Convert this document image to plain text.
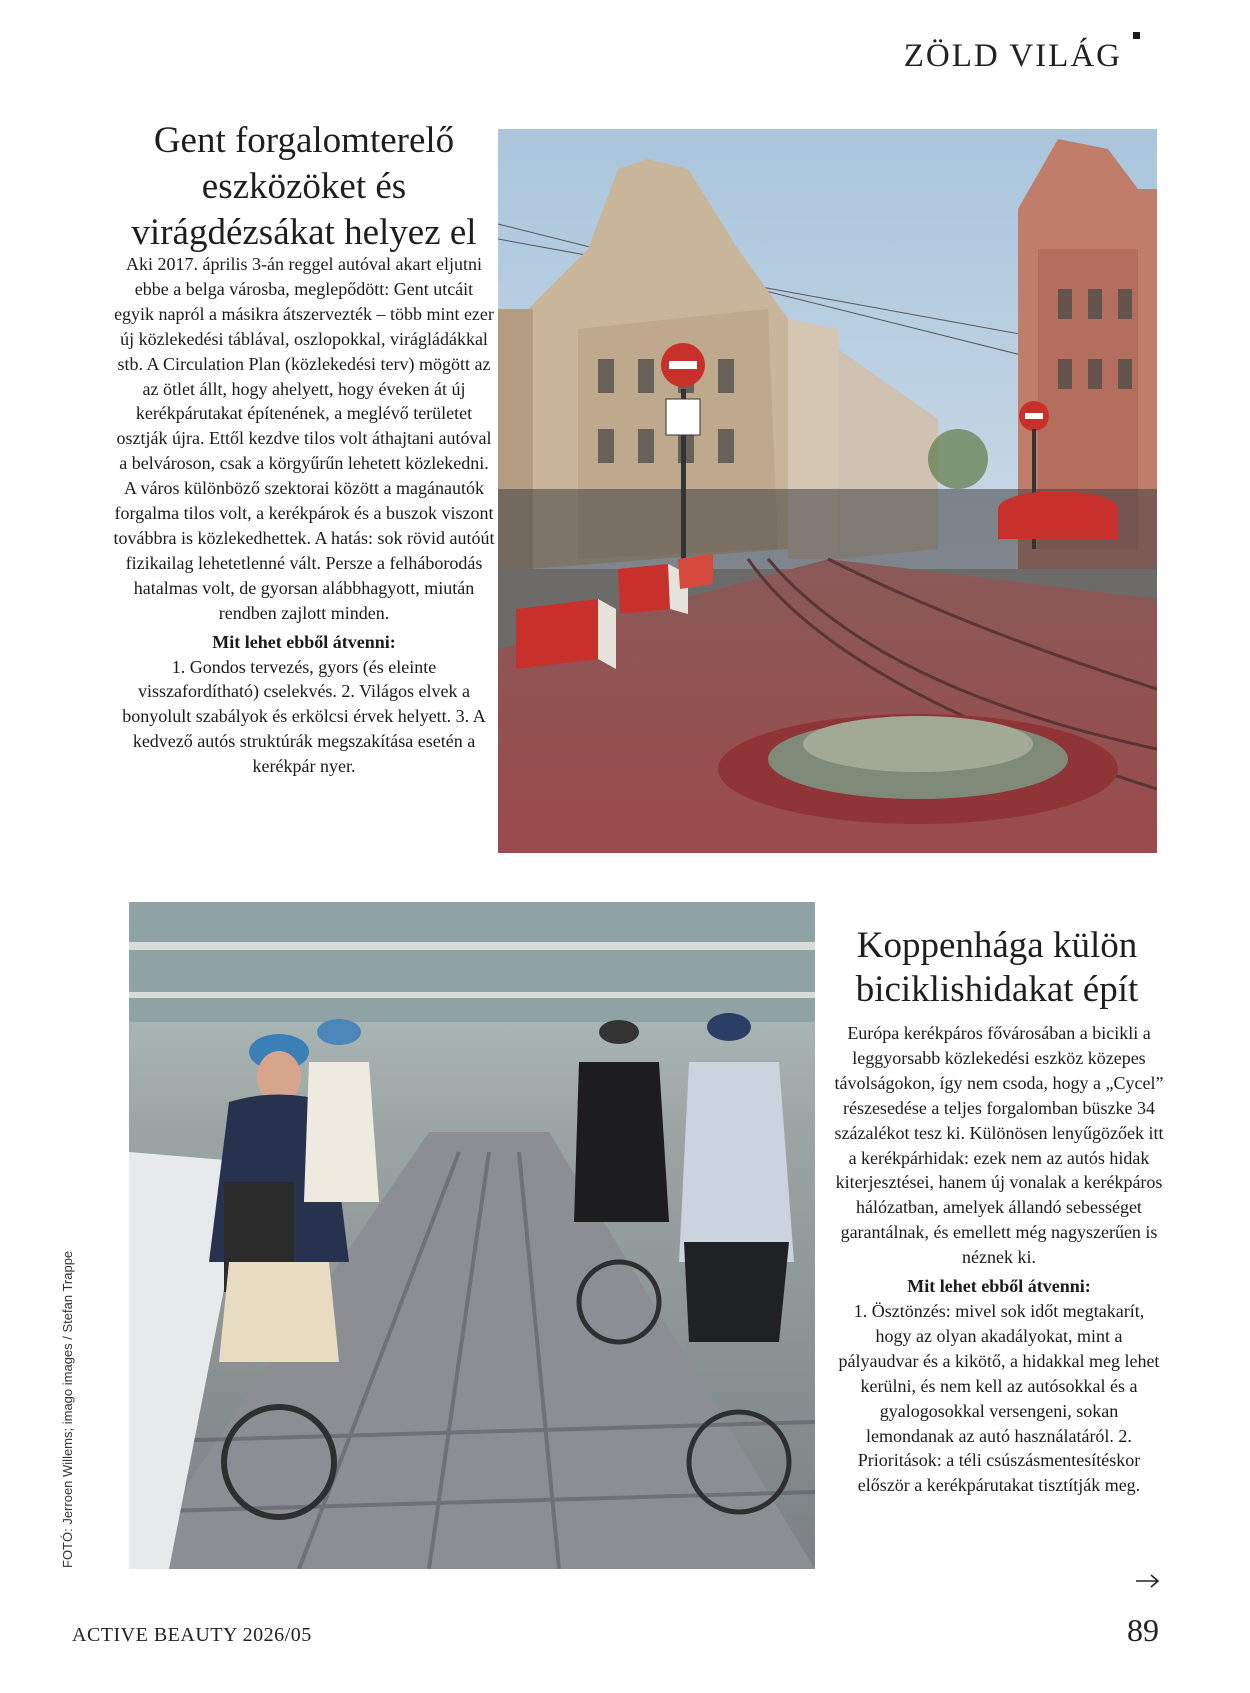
ZÖLD VILÁG
Gent forgalomterelő eszközöket és virágdézsákat helyez el

Aki 2017. április 3-án reggel autóval akart eljutni ebbe a belga városba, meglepődött: Gent utcáit egyik napról a másikra átszervezték – több mint ezer új közlekedési táblával, oszlopokkal, virágládákkal stb. A Circulation Plan (közlekedési terv) mögött az az ötlet állt, hogy ahelyett, hogy éveken át új kerékpárutakat építenének, a meglévő területet osztják újra. Ettől kezdve tilos volt áthajtani autóval a belvároson, csak a körgyűrűn lehetett közlekedni. A város különböző szektorai között a magánautók forgalma tilos volt, a kerékpárok és a buszok viszont továbbra is közlekedhettek. A hatás: sok rövid autóút fizikailag lehetetlenné vált. Persze a felháborodás hatalmas volt, de gyorsan alábbhagyott, miután rendben zajlott minden.

Mit lehet ebből átvenni:

1. Gondos tervezés, gyors (és eleinte visszafordítható) cselekvés. 2. Világos elvek a bonyolult szabályok és erkölcsi érvek helyett. 3. A kedvező autós struktúrák megszakítása esetén a kerékpár nyer.

FOTÓ: Jerroen Willems; imago images / Stefan Trappe
Koppenhága külön biciklishidakat épít

Európa kerékpáros fővárosában a bicikli a leggyorsabb közlekedési eszköz közepes távolságokon, így nem csoda, hogy a „Cycel” részesedése a teljes forgalomban büszke 34 százalékot tesz ki. Különösen lenyűgözőek itt a kerékpárhidak: ezek nem az autós hidak kiterjesztései, hanem új vonalak a kerékpáros hálózatban, amelyek állandó sebességet garantálnak, és emellett még nagyszerűen is néznek ki.

Mit lehet ebből átvenni:

1. Ösztönzés: mivel sok időt megtakarít, hogy az olyan akadályokat, mint a pályaudvar és a kikötő, a hidakkal meg lehet kerülni, és nem kell az autósokkal és a gyalogosokkal versengeni, sokan lemondanak az autó használatáról. 2. Prioritások: a téli csúszásmentesítéskor először a kerékpárutakat tisztítják meg.

ACTIVE BEAUTY 2026/05	89
